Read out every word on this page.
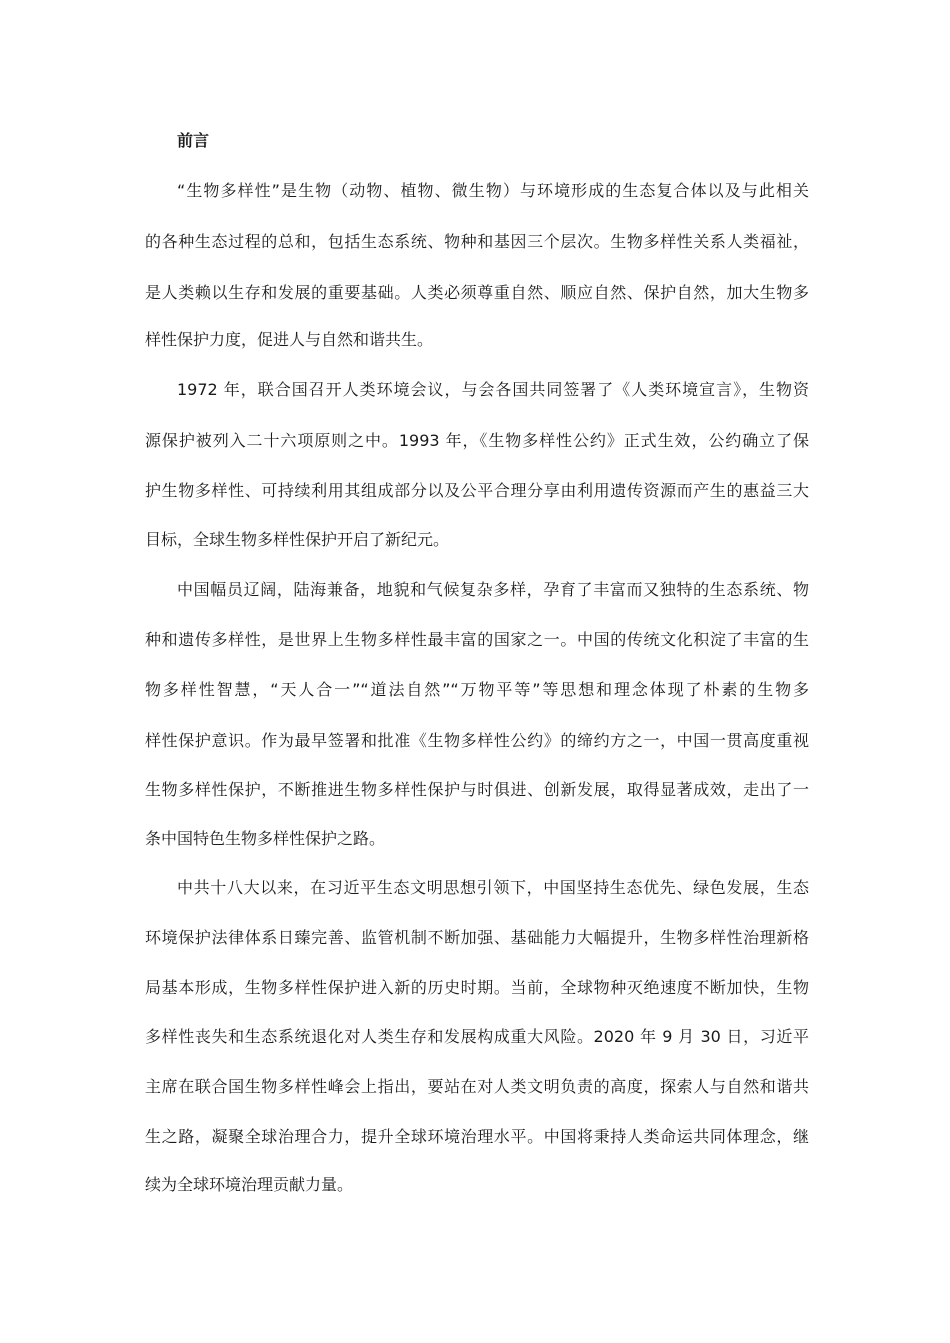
前言

“生物多样性”是生物（动物、植物、微生物）与环境形成的生态复合体以及与此相关

的各种生态过程的总和，包括生态系统、物种和基因三个层次。生物多样性关系人类福祉，

是人类赖以生存和发展的重要基础。人类必须尊重自然、顺应自然、保护自然，加大生物多

样性保护力度，促进人与自然和谐共生。

1972 年，联合国召开人类环境会议，与会各国共同签署了《人类环境宣言》，生物资

源保护被列入二十六项原则之中。1993 年，《生物多样性公约》正式生效，公约确立了保

护生物多样性、可持续利用其组成部分以及公平合理分享由利用遗传资源而产生的惠益三大

目标，全球生物多样性保护开启了新纪元。

中国幅员辽阔，陆海兼备，地貌和气候复杂多样，孕育了丰富而又独特的生态系统、物

种和遗传多样性，是世界上生物多样性最丰富的国家之一。中国的传统文化积淀了丰富的生

物多样性智慧，“天人合一”“道法自然”“万物平等”等思想和理念体现了朴素的生物多

样性保护意识。作为最早签署和批准《生物多样性公约》的缔约方之一，中国一贯高度重视

生物多样性保护，不断推进生物多样性保护与时俱进、创新发展，取得显著成效，走出了一

条中国特色生物多样性保护之路。

中共十八大以来，在习近平生态文明思想引领下，中国坚持生态优先、绿色发展，生态

环境保护法律体系日臻完善、监管机制不断加强、基础能力大幅提升，生物多样性治理新格

局基本形成，生物多样性保护进入新的历史时期。当前，全球物种灭绝速度不断加快，生物

多样性丧失和生态系统退化对人类生存和发展构成重大风险。2020 年 9 月 30 日，习近平

主席在联合国生物多样性峰会上指出，要站在对人类文明负责的高度，探索人与自然和谐共

生之路，凝聚全球治理合力，提升全球环境治理水平。中国将秉持人类命运共同体理念，继

续为全球环境治理贡献力量。
